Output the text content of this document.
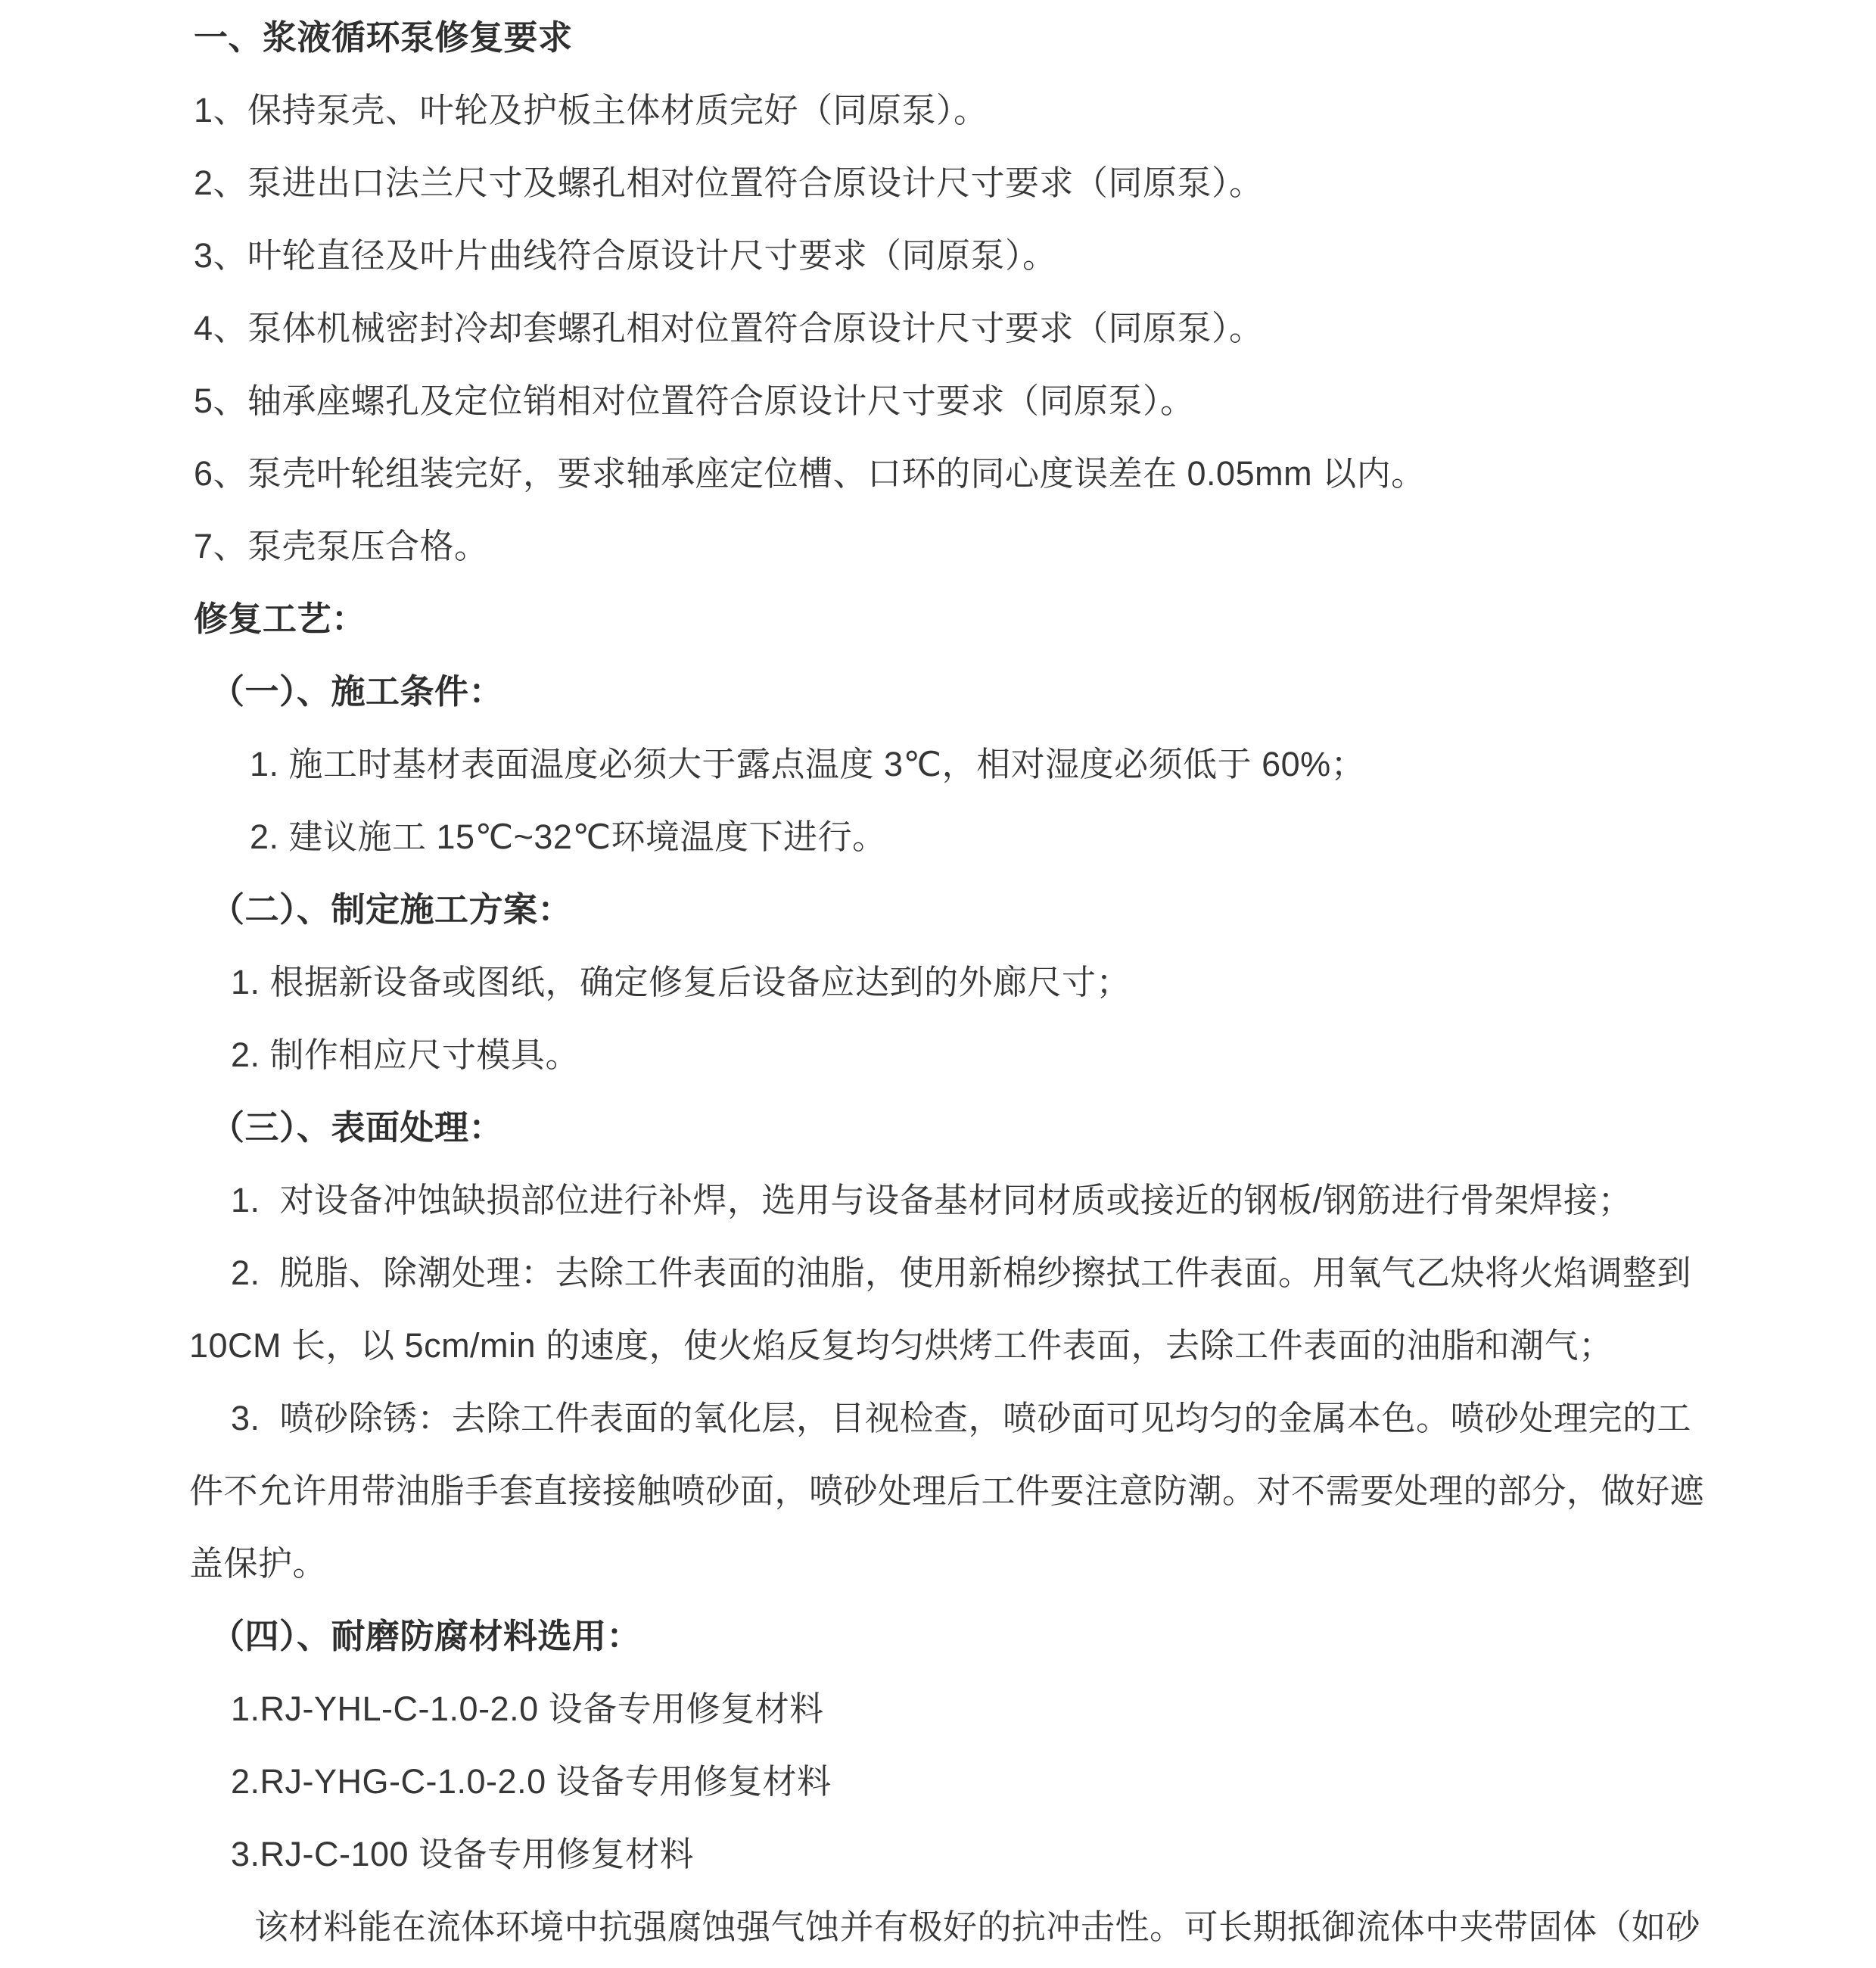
一、浆液循环泵修复要求
1、保持泵壳、叶轮及护板主体材质完好（同原泵）。
2、泵进出口法兰尺寸及螺孔相对位置符合原设计尺寸要求（同原泵）。
3、叶轮直径及叶片曲线符合原设计尺寸要求（同原泵）。
4、泵体机械密封冷却套螺孔相对位置符合原设计尺寸要求（同原泵）。
5、轴承座螺孔及定位销相对位置符合原设计尺寸要求（同原泵）。
6、泵壳叶轮组装完好，要求轴承座定位槽、口环的同心度误差在 0.05mm 以内。
7、泵壳泵压合格。
修复工艺：
（一）、施工条件：
1. 施工时基材表面温度必须大于露点温度 3℃，相对湿度必须低于 60%；
2. 建议施工 15℃~32℃环境温度下进行。
（二）、制定施工方案：
1. 根据新设备或图纸，确定修复后设备应达到的外廊尺寸；
2. 制作相应尺寸模具。
（三）、表面处理：
1.  对设备冲蚀缺损部位进行补焊，选用与设备基材同材质或接近的钢板/钢筋进行骨架焊接；
2.  脱脂、除潮处理：去除工件表面的油脂，使用新棉纱擦拭工件表面。用氧气乙炔将火焰调整到
10CM 长，以 5cm/min 的速度，使火焰反复均匀烘烤工件表面，去除工件表面的油脂和潮气；
3.  喷砂除锈：去除工件表面的氧化层，目视检查，喷砂面可见均匀的金属本色。喷砂处理完的工
件不允许用带油脂手套直接接触喷砂面，喷砂处理后工件要注意防潮。对不需要处理的部分，做好遮
盖保护。
（四）、耐磨防腐材料选用：
1.RJ-YHL-C-1.0-2.0 设备专用修复材料
2.RJ-YHG-C-1.0-2.0 设备专用修复材料
3.RJ-C-100 设备专用修复材料
该材料能在流体环境中抗强腐蚀强气蚀并有极好的抗冲击性。可长期抵御流体中夹带固体（如砂
